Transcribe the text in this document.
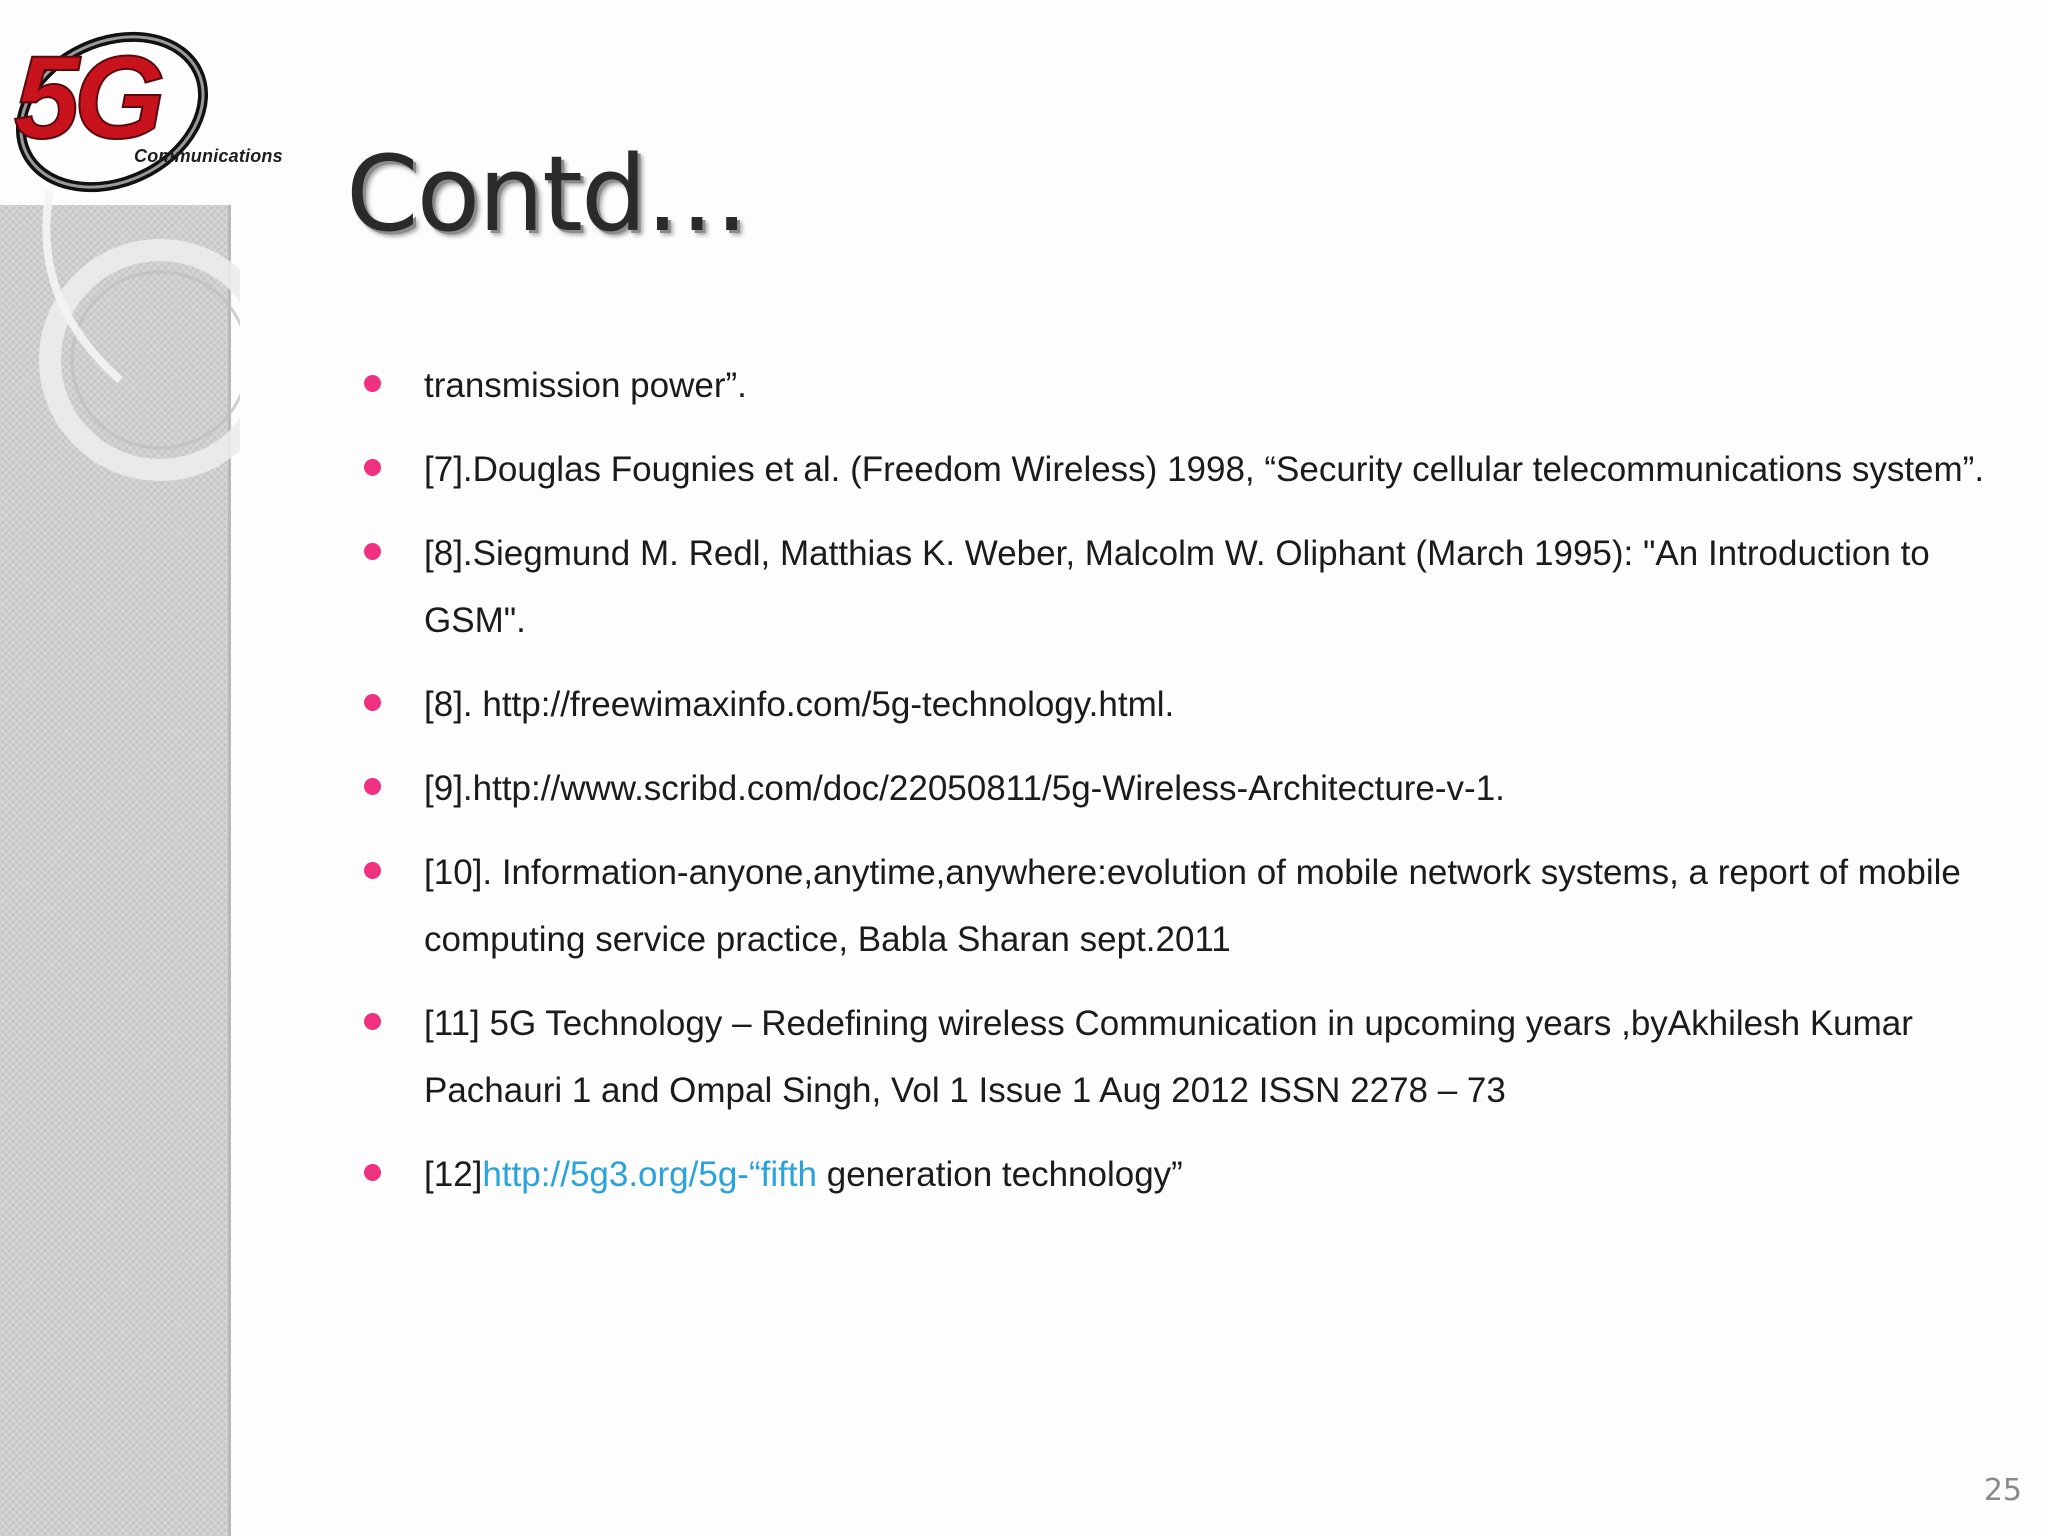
5G
Communications Contd…
transmission power”.
[7].Douglas Fougnies et al. (Freedom Wireless) 1998, “Security cellular telecommunications system”.
[8].Siegmund M. Redl, Matthias K. Weber, Malcolm W. Oliphant (March 1995): "An Introduction to GSM".
[8]. http://freewimaxinfo.com/5g-technology.html.
[9].http://www.scribd.com/doc/22050811/5g-Wireless-Architecture-v-1.
[10]. Information-anyone,anytime,anywhere:evolution of mobile network systems, a report of mobile computing service practice, Babla Sharan sept.2011
[11] 5G Technology – Redefining wireless Communication in upcoming years ,byAkhilesh Kumar Pachauri 1 and Ompal Singh, Vol 1 Issue 1 Aug 2012 ISSN 2278 – 73
[12]http://5g3.org/5g-“fifth generation technology”
25
